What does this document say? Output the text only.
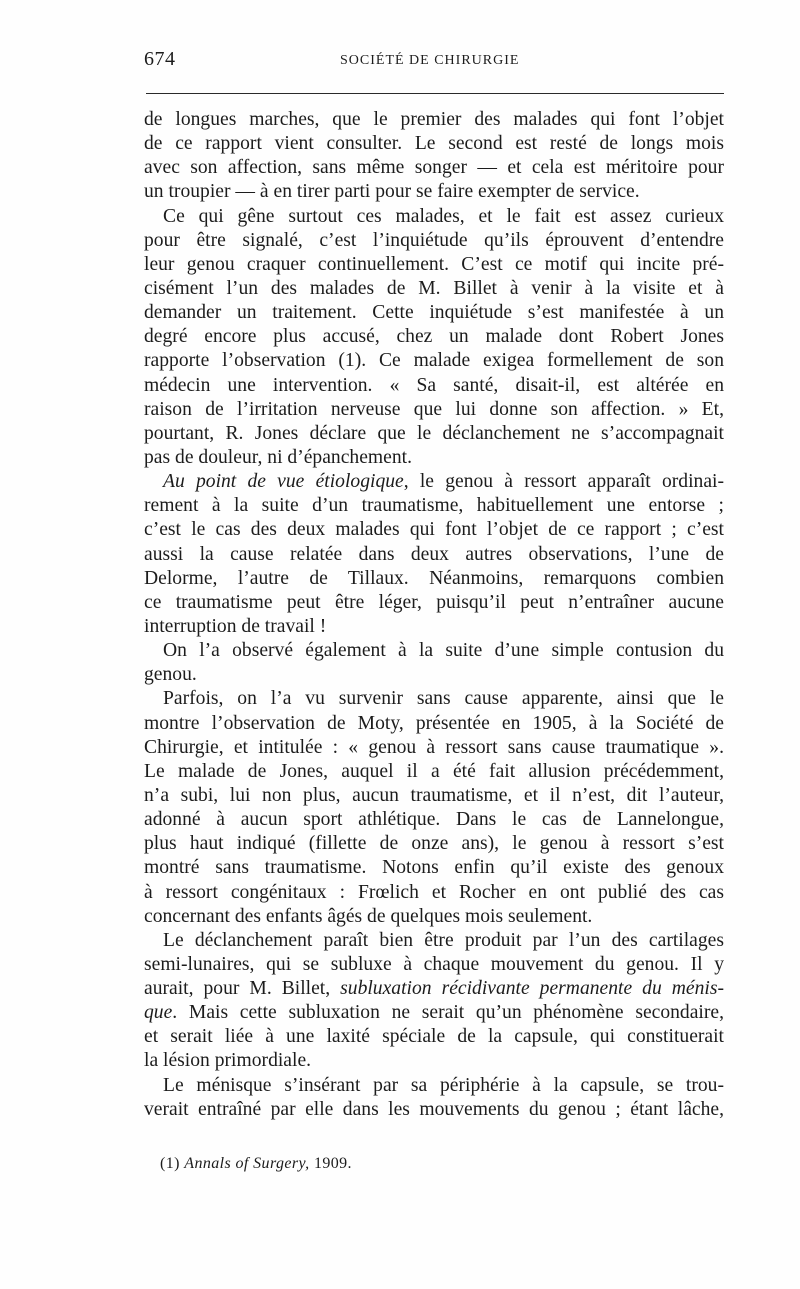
674	SOCIÉTÉ DE CHIRURGIE
de longues marches, que le premier des malades qui font l’objet
de ce rapport vient consulter. Le second est resté de longs mois
avec son affection, sans même songer — et cela est méritoire pour
un troupier — à en tirer parti pour se faire exempter de service.
Ce qui gêne surtout ces malades, et le fait est assez curieux
pour être signalé, c’est l’inquiétude qu’ils éprouvent d’entendre
leur genou craquer continuellement. C’est ce motif qui incite pré-
cisément l’un des malades de M. Billet à venir à la visite et à
demander un traitement. Cette inquiétude s’est manifestée à un
degré encore plus accusé, chez un malade dont Robert Jones
rapporte l’observation (1). Ce malade exigea formellement de son
médecin une intervention. « Sa santé, disait-il, est altérée en
raison de l’irritation nerveuse que lui donne son affection. » Et,
pourtant, R. Jones déclare que le déclanchement ne s’accompagnait
pas de douleur, ni d’épanchement.
Au point de vue étiologique, le genou à ressort apparaît ordinai-
rement à la suite d’un traumatisme, habituellement une entorse ;
c’est le cas des deux malades qui font l’objet de ce rapport ; c’est
aussi la cause relatée dans deux autres observations, l’une de
Delorme, l’autre de Tillaux. Néanmoins, remarquons combien
ce traumatisme peut être léger, puisqu’il peut n’entraîner aucune
interruption de travail !
On l’a observé également à la suite d’une simple contusion du
genou.
Parfois, on l’a vu survenir sans cause apparente, ainsi que le
montre l’observation de Moty, présentée en 1905, à la Société de
Chirurgie, et intitulée : « genou à ressort sans cause traumatique ».
Le malade de Jones, auquel il a été fait allusion précédemment,
n’a subi, lui non plus, aucun traumatisme, et il n’est, dit l’auteur,
adonné à aucun sport athlétique. Dans le cas de Lannelongue,
plus haut indiqué (fillette de onze ans), le genou à ressort s’est
montré sans traumatisme. Notons enfin qu’il existe des genoux
à ressort congénitaux : Frœlich et Rocher en ont publié des cas
concernant des enfants âgés de quelques mois seulement.
Le déclanchement paraît bien être produit par l’un des cartilages
semi-lunaires, qui se subluxe à chaque mouvement du genou. Il y
aurait, pour M. Billet, subluxation récidivante permanente du ménis-
que. Mais cette subluxation ne serait qu’un phénomène secondaire,
et serait liée à une laxité spéciale de la capsule, qui constituerait
la lésion primordiale.
Le ménisque s’insérant par sa périphérie à la capsule, se trou-
verait entraîné par elle dans les mouvements du genou ; étant lâche,
(1) Annals of Surgery, 1909.
